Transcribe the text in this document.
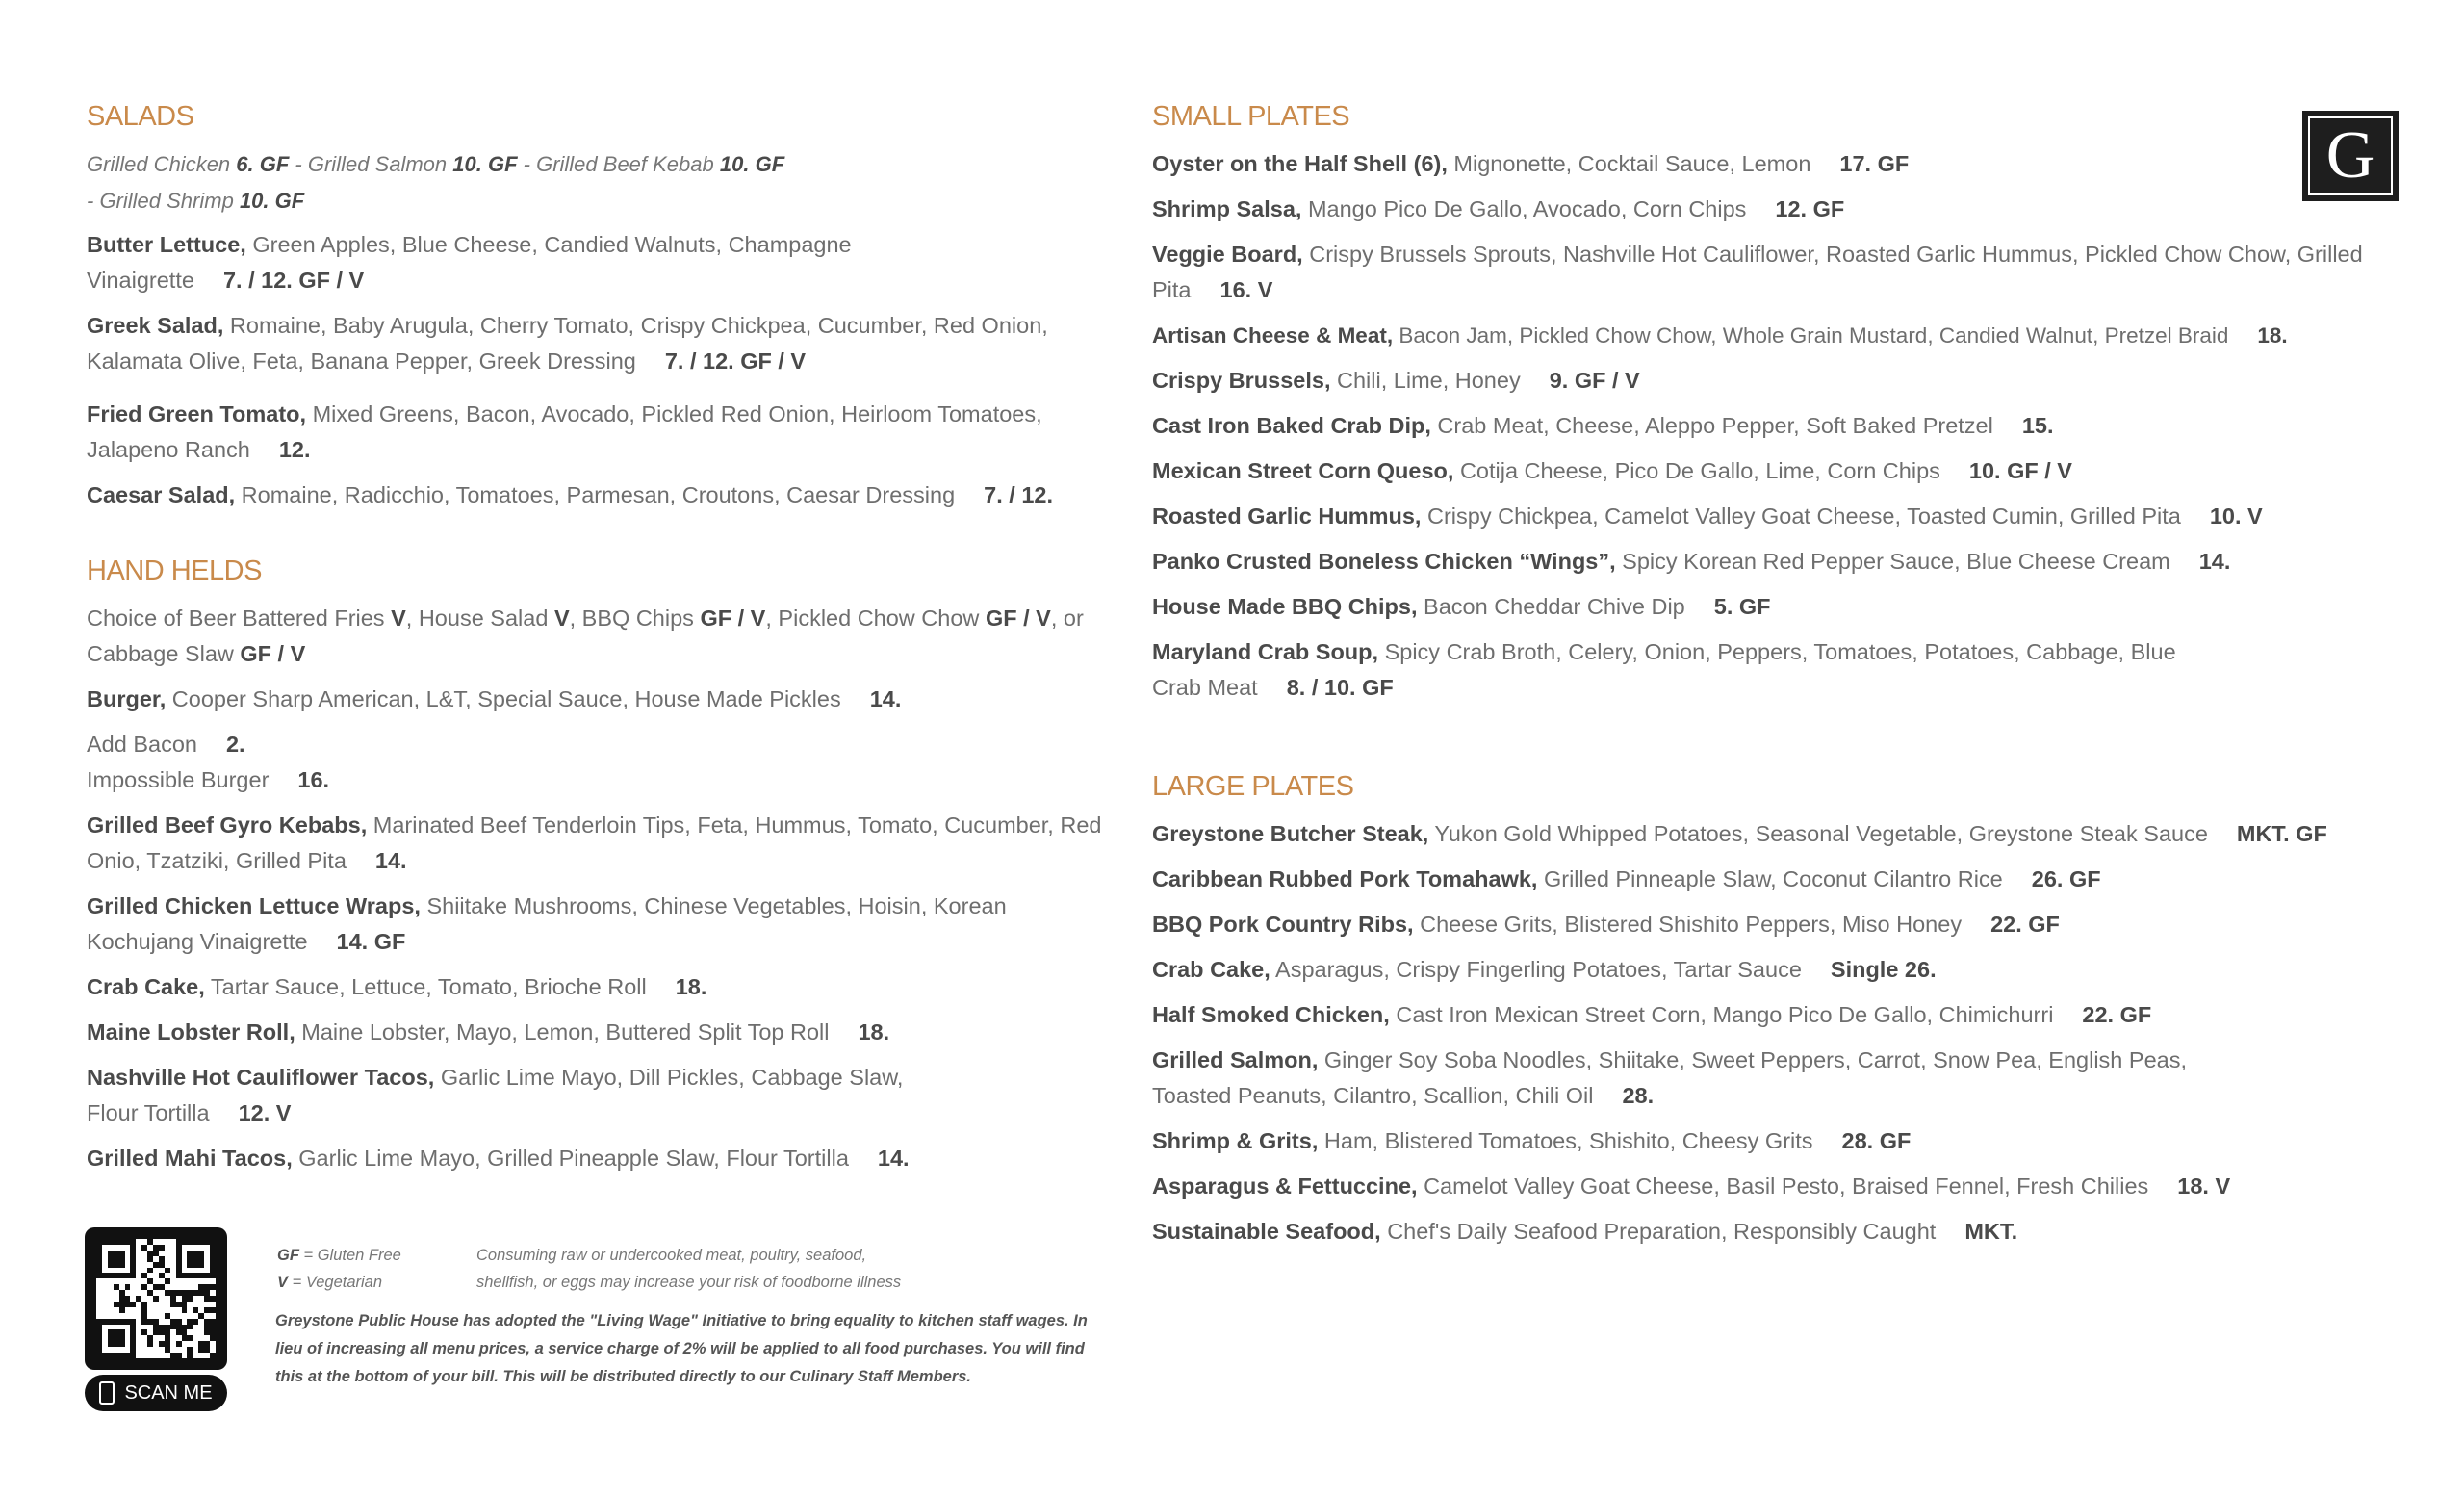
SALADS
Grilled Chicken 6. GF - Grilled Salmon 10. GF - Grilled Beef Kebab 10. GF
- Grilled Shrimp 10. GF
Butter Lettuce, Green Apples, Blue Cheese, Candied Walnuts, Champagne Vinaigrette 7. / 12. GF / V
Greek Salad, Romaine, Baby Arugula, Cherry Tomato, Crispy Chickpea, Cucumber, Red Onion, Kalamata Olive, Feta, Banana Pepper, Greek Dressing 7. / 12. GF / V
Fried Green Tomato, Mixed Greens, Bacon, Avocado, Pickled Red Onion, Heirloom Tomatoes, Jalapeno Ranch 12.
Caesar Salad, Romaine, Radicchio, Tomatoes, Parmesan, Croutons, Caesar Dressing 7. / 12.
HAND HELDS
Choice of Beer Battered Fries V, House Salad V, BBQ Chips GF / V, Pickled Chow Chow GF / V, or Cabbage Slaw GF / V
Burger, Cooper Sharp American, L&T, Special Sauce, House Made Pickles 14.
Add Bacon 2.
Impossible Burger 16.
Grilled Beef Gyro Kebabs, Marinated Beef Tenderloin Tips, Feta, Hummus, Tomato, Cucumber, Red Onio, Tzatziki, Grilled Pita 14.
Grilled Chicken Lettuce Wraps, Shiitake Mushrooms, Chinese Vegetables, Hoisin, Korean Kochujang Vinaigrette 14. GF
Crab Cake, Tartar Sauce, Lettuce, Tomato, Brioche Roll 18.
Maine Lobster Roll, Maine Lobster, Mayo, Lemon, Buttered Split Top Roll 18.
Nashville Hot Cauliflower Tacos, Garlic Lime Mayo, Dill Pickles, Cabbage Slaw, Flour Tortilla 12. V
Grilled Mahi Tacos, Garlic Lime Mayo, Grilled Pineapple Slaw, Flour Tortilla 14.
SMALL PLATES
Oyster on the Half Shell (6), Mignonette, Cocktail Sauce, Lemon 17. GF
Shrimp Salsa, Mango Pico De Gallo, Avocado, Corn Chips 12. GF
Veggie Board, Crispy Brussels Sprouts, Nashville Hot Cauliflower, Roasted Garlic Hummus, Pickled Chow Chow, Grilled Pita 16. V
Artisan Cheese & Meat, Bacon Jam, Pickled Chow Chow, Whole Grain Mustard, Candied Walnut, Pretzel Braid 18.
Crispy Brussels, Chili, Lime, Honey 9. GF / V
Cast Iron Baked Crab Dip, Crab Meat, Cheese, Aleppo Pepper, Soft Baked Pretzel 15.
Mexican Street Corn Queso, Cotija Cheese, Pico De Gallo, Lime, Corn Chips 10. GF / V
Roasted Garlic Hummus, Crispy Chickpea, Camelot Valley Goat Cheese, Toasted Cumin, Grilled Pita 10. V
Panko Crusted Boneless Chicken “Wings”, Spicy Korean Red Pepper Sauce, Blue Cheese Cream 14.
House Made BBQ Chips, Bacon Cheddar Chive Dip 5. GF
Maryland Crab Soup, Spicy Crab Broth, Celery, Onion, Peppers, Tomatoes, Potatoes, Cabbage, Blue Crab Meat 8. / 10. GF
LARGE PLATES
Greystone Butcher Steak, Yukon Gold Whipped Potatoes, Seasonal Vegetable, Greystone Steak Sauce MKT. GF
Caribbean Rubbed Pork Tomahawk, Grilled Pinneaple Slaw, Coconut Cilantro Rice 26. GF
BBQ Pork Country Ribs, Cheese Grits, Blistered Shishito Peppers, Miso Honey 22. GF
Crab Cake, Asparagus, Crispy Fingerling Potatoes, Tartar Sauce Single 26.
Half Smoked Chicken, Cast Iron Mexican Street Corn, Mango Pico De Gallo, Chimichurri 22. GF
Grilled Salmon, Ginger Soy Soba Noodles, Shiitake, Sweet Peppers, Carrot, Snow Pea, English Peas, Toasted Peanuts, Cilantro, Scallion, Chili Oil 28.
Shrimp & Grits, Ham, Blistered Tomatoes, Shishito, Cheesy Grits 28. GF
Asparagus & Fettuccine, Camelot Valley Goat Cheese, Basil Pesto, Braised Fennel, Fresh Chilies 18. V
Sustainable Seafood, Chef's Daily Seafood Preparation, Responsibly Caught MKT.
G
SCAN ME
GF = Gluten Free
V = Vegetarian
Consuming raw or undercooked meat, poultry, seafood,
shellfish, or eggs may increase your risk of foodborne illness
Greystone Public House has adopted the "Living Wage" Initiative to bring equality to kitchen staff wages. In lieu of increasing all menu prices, a service charge of 2% will be applied to all food purchases. You will find this at the bottom of your bill. This will be distributed directly to our Culinary Staff Members.
